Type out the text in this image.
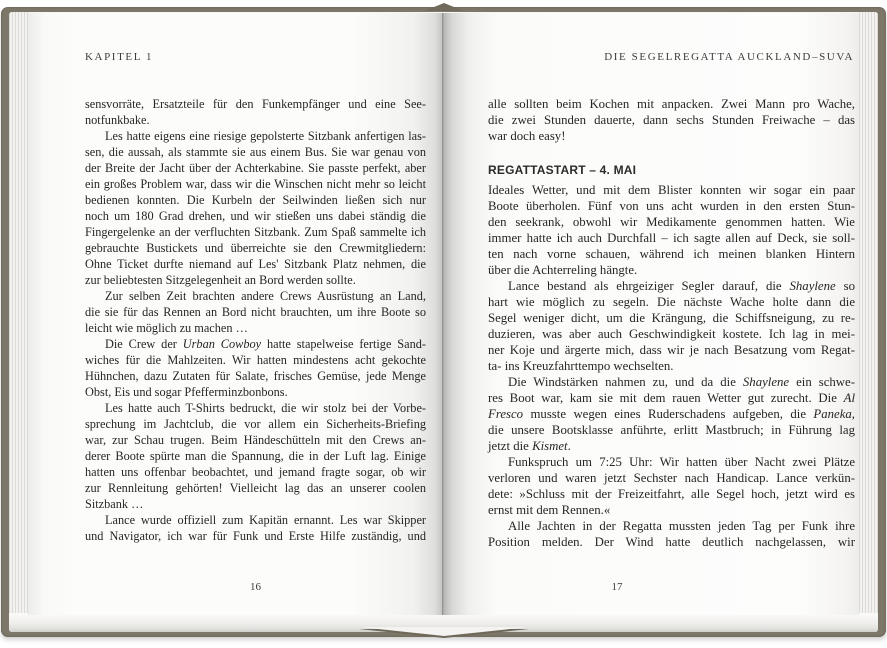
KAPITEL 1	DIE SEGELREGATTA AUCKLAND–SUVA
sensvorräte, Ersatzteile für den Funkempfänger und eine See-
notfunkbake.
Les hatte eigens eine riesige gepolsterte Sitzbank anfertigen las-
sen, die aussah, als stammte sie aus einem Bus. Sie war genau von
der Breite der Jacht über der Achterkabine. Sie passte perfekt, aber
ein großes Problem war, dass wir die Winschen nicht mehr so leicht
bedienen konnten. Die Kurbeln der Seilwinden ließen sich nur
noch um 180 Grad drehen, und wir stießen uns dabei ständig die
Fingergelenke an der verfluchten Sitzbank. Zum Spaß sammelte ich
gebrauchte Bustickets und überreichte sie den Crewmitgliedern:
Ohne Ticket durfte niemand auf Les' Sitzbank Platz nehmen, die
zur beliebtesten Sitzgelegenheit an Bord werden sollte.
Zur selben Zeit brachten andere Crews Ausrüstung an Land,
die sie für das Rennen an Bord nicht brauchten, um ihre Boote so
leicht wie möglich zu machen …
Die Crew der Urban Cowboy hatte stapelweise fertige Sand-
wiches für die Mahlzeiten. Wir hatten mindestens acht gekochte
Hühnchen, dazu Zutaten für Salate, frisches Gemüse, jede Menge
Obst, Eis und sogar Pfefferminzbonbons.
Les hatte auch T-Shirts bedruckt, die wir stolz bei der Vorbe-
sprechung im Jachtclub, die vor allem ein Sicherheits-Briefing
war, zur Schau trugen. Beim Händeschütteln mit den Crews an-
derer Boote spürte man die Spannung, die in der Luft lag. Einige
hatten uns offenbar beobachtet, und jemand fragte sogar, ob wir
zur Rennleitung gehörten! Vielleicht lag das an unserer coolen
Sitzbank …
Lance wurde offiziell zum Kapitän ernannt. Les war Skipper
und Navigator, ich war für Funk und Erste Hilfe zuständig, und
alle sollten beim Kochen mit anpacken. Zwei Mann pro Wache,
die zwei Stunden dauerte, dann sechs Stunden Freiwache – das
war doch easy!
REGATTASTART – 4. MAI
Ideales Wetter, und mit dem Blister konnten wir sogar ein paar
Boote überholen. Fünf von uns acht wurden in den ersten Stun-
den seekrank, obwohl wir Medikamente genommen hatten. Wie
immer hatte ich auch Durchfall – ich sagte allen auf Deck, sie soll-
ten nach vorne schauen, während ich meinen blanken Hintern
über die Achterreling hängte.
Lance bestand als ehrgeiziger Segler darauf, die Shaylene so
hart wie möglich zu segeln. Die nächste Wache holte dann die
Segel weniger dicht, um die Krängung, die Schiffsneigung, zu re-
duzieren, was aber auch Geschwindigkeit kostete. Ich lag in mei-
ner Koje und ärgerte mich, dass wir je nach Besatzung vom Regat-
ta- ins Kreuzfahrttempo wechselten.
Die Windstärken nahmen zu, und da die Shaylene ein schwe-
res Boot war, kam sie mit dem rauen Wetter gut zurecht. Die Al
Fresco musste wegen eines Ruderschadens aufgeben, die Paneka,
die unsere Bootsklasse anführte, erlitt Mastbruch; in Führung lag
jetzt die Kismet.
Funkspruch um 7:25 Uhr: Wir hatten über Nacht zwei Plätze
verloren und waren jetzt Sechster nach Handicap. Lance verkün-
dete: »Schluss mit der Freizeitfahrt, alle Segel hoch, jetzt wird es
ernst mit dem Rennen.«
Alle Jachten in der Regatta mussten jeden Tag per Funk ihre
Position melden. Der Wind hatte deutlich nachgelassen, wir
16	17
